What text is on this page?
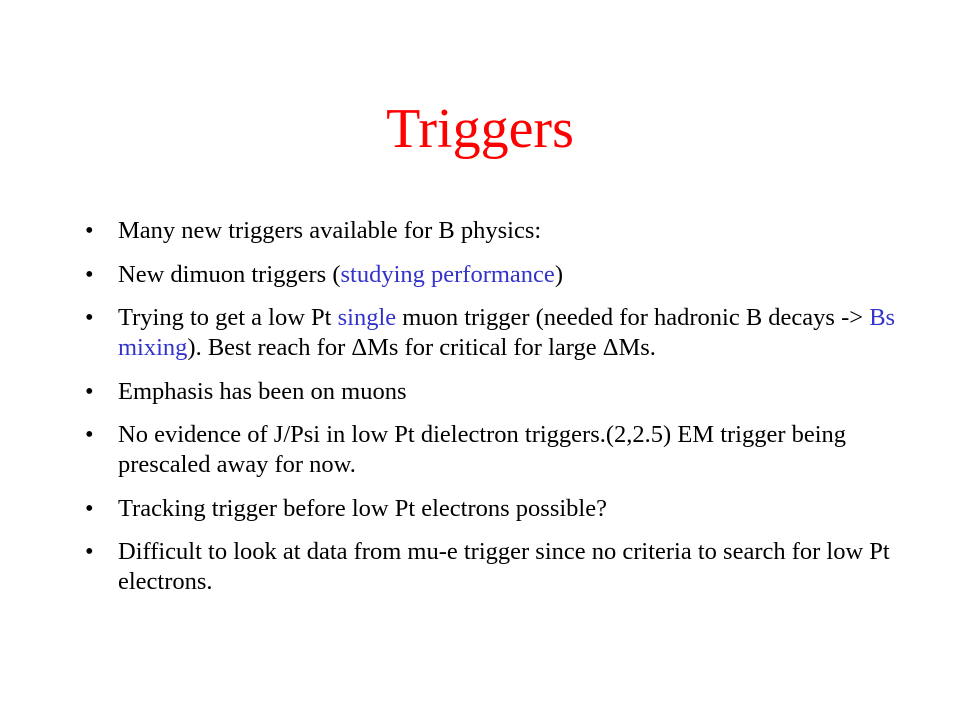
Triggers
• Many new triggers available for B physics:
• New dimuon triggers (studying performance)
• Trying to get a low Pt single muon trigger (needed for hadronic B decays -> Bs mixing). Best reach for ΔMs for critical for large ΔMs.
• Emphasis has been on muons
• No evidence of J/Psi in low Pt dielectron triggers.(2,2.5) EM trigger being prescaled away for now.
• Tracking trigger before low Pt electrons possible?
• Difficult to look at data from mu-e trigger since no criteria to search for low Pt electrons.
